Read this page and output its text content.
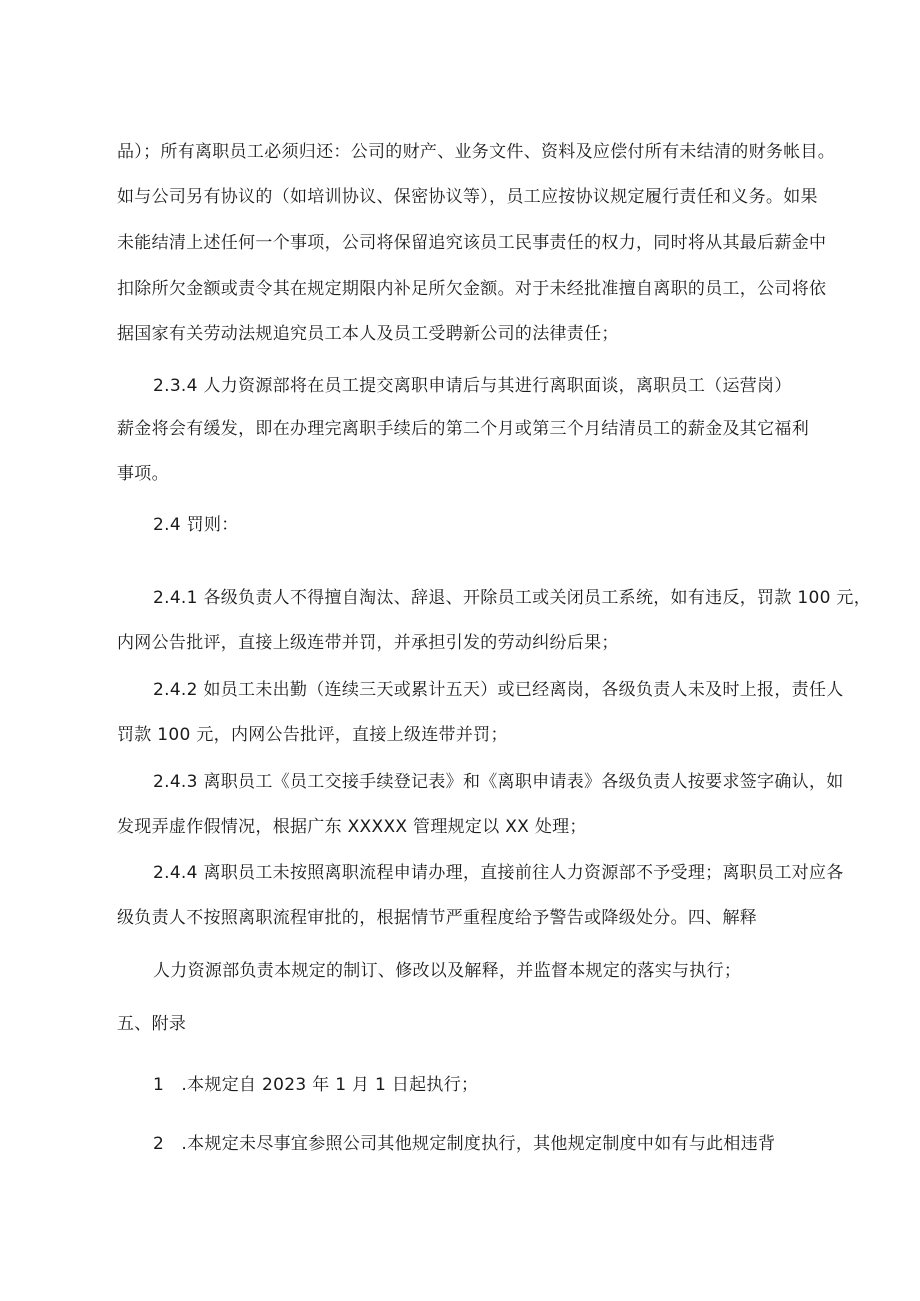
品）；所有离职员工必须归还：公司的财产、业务文件、资料及应偿付所有未结清的财务帐目。
如与公司另有协议的（如培训协议、保密协议等），员工应按协议规定履行责任和义务。如果
未能结清上述任何一个事项，公司将保留追究该员工民事责任的权力，同时将从其最后薪金中
扣除所欠金额或责令其在规定期限内补足所欠金额。对于未经批准擅自离职的员工，公司将依
据国家有关劳动法规追究员工本人及员工受聘新公司的法律责任；
2.3.4 人力资源部将在员工提交离职申请后与其进行离职面谈，离职员工（运营岗）
薪金将会有缓发，即在办理完离职手续后的第二个月或第三个月结清员工的薪金及其它福利
事项。
2.4 罚则：
2.4.1 各级负责人不得擅自淘汰、辞退、开除员工或关闭员工系统，如有违反，罚款 100 元，
内网公告批评，直接上级连带并罚，并承担引发的劳动纠纷后果；
2.4.2 如员工未出勤（连续三天或累计五天）或已经离岗，各级负责人未及时上报，责任人
罚款 100 元，内网公告批评，直接上级连带并罚；
2.4.3 离职员工《员工交接手续登记表》和《离职申请表》各级负责人按要求签字确认，如
发现弄虚作假情况，根据广东 XXXXX 管理规定以 XX 处理；
2.4.4 离职员工未按照离职流程申请办理，直接前往人力资源部不予受理；离职员工对应各
级负责人不按照离职流程审批的，根据情节严重程度给予警告或降级处分。四、解释
人力资源部负责本规定的制订、修改以及解释，并监督本规定的落实与执行；
五、附录
1　.本规定自 2023 年 1 月 1 日起执行；
2　.本规定未尽事宜参照公司其他规定制度执行，其他规定制度中如有与此相违背
